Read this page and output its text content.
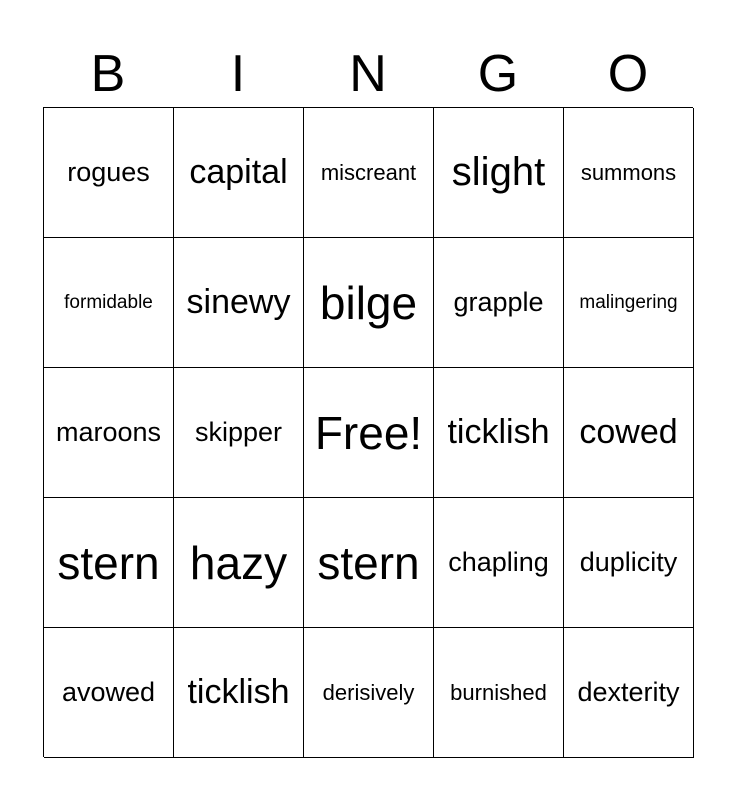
B	I	N	G	O
rogues capital miscreant slight summons
formidable sinewy bilge grapple malingering
maroons skipper Free! ticklish cowed
stern hazy stern chapling duplicity
avowed ticklish derisively burnished dexterity
